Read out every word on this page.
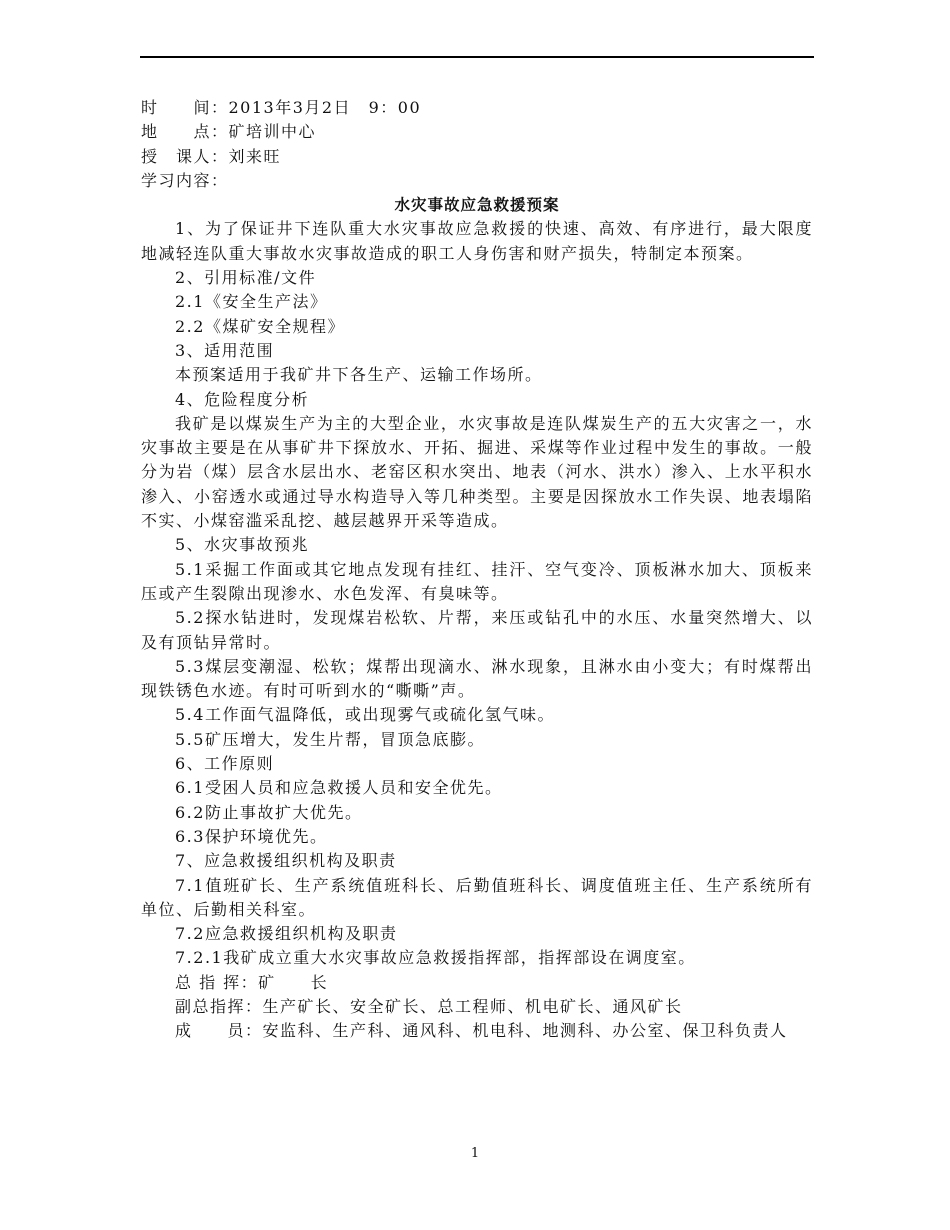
时　　间：2013年3月2日　9：00

地　　点：矿培训中心

授　课人：刘来旺

学习内容：

水灾事故应急救援预案

1、为了保证井下连队重大水灾事故应急救援的快速、高效、有序进行，最大限度地减轻连队重大事故水灾事故造成的职工人身伤害和财产损失，特制定本预案。

2、引用标准/文件

2.1《安全生产法》

2.2《煤矿安全规程》

3、适用范围

本预案适用于我矿井下各生产、运输工作场所。

4、危险程度分析

我矿是以煤炭生产为主的大型企业，水灾事故是连队煤炭生产的五大灾害之一，水灾事故主要是在从事矿井下探放水、开拓、掘进、采煤等作业过程中发生的事故。一般分为岩（煤）层含水层出水、老窑区积水突出、地表（河水、洪水）渗入、上水平积水渗入、小窑透水或通过导水构造导入等几种类型。主要是因探放水工作失误、地表塌陷不实、小煤窑滥采乱挖、越层越界开采等造成。

5、水灾事故预兆

5.1采掘工作面或其它地点发现有挂红、挂汗、空气变冷、顶板淋水加大、顶板来压或产生裂隙出现渗水、水色发浑、有臭味等。

5.2探水钻进时，发现煤岩松软、片帮，来压或钻孔中的水压、水量突然增大、以及有顶钻异常时。

5.3煤层变潮湿、松软；煤帮出现滴水、淋水现象，且淋水由小变大；有时煤帮出现铁锈色水迹。有时可听到水的“嘶嘶”声。

5.4工作面气温降低，或出现雾气或硫化氢气味。

5.5矿压增大，发生片帮，冒顶急底膨。

6、工作原则

6.1受困人员和应急救援人员和安全优先。

6.2防止事故扩大优先。

6.3保护环境优先。

7、应急救援组织机构及职责

7.1值班矿长、生产系统值班科长、后勤值班科长、调度值班主任、生产系统所有单位、后勤相关科室。

7.2应急救援组织机构及职责

7.2.1我矿成立重大水灾事故应急救援指挥部，指挥部设在调度室。

总 指 挥：矿　　长

副总指挥：生产矿长、安全矿长、总工程师、机电矿长、通风矿长

成　　员：安监科、生产科、通风科、机电科、地测科、办公室、保卫科负责人

1
